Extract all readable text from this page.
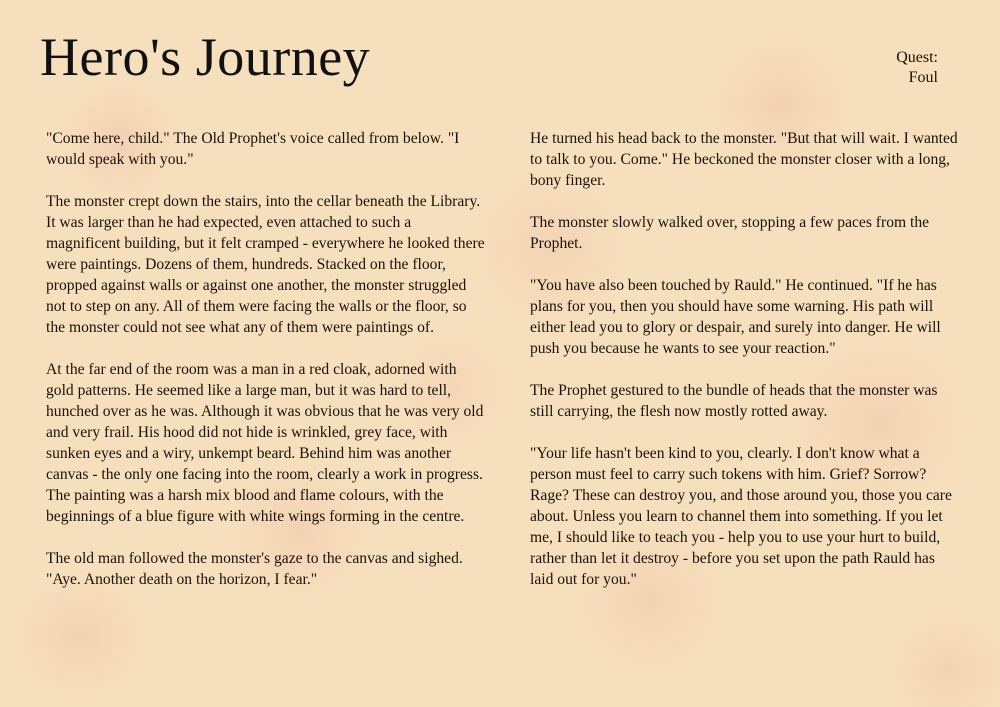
Hero's Journey	Quest:
Foul

"Come here, child." The Old Prophet's voice called from below. "I would speak with you."

The monster crept down the stairs, into the cellar beneath the Library. It was larger than he had expected, even attached to such a magnificent building, but it felt cramped - everywhere he looked there were paintings. Dozens of them, hundreds. Stacked on the floor, propped against walls or against one another, the monster struggled not to step on any. All of them were facing the walls or the floor, so the monster could not see what any of them were paintings of.

At the far end of the room was a man in a red cloak, adorned with gold patterns. He seemed like a large man, but it was hard to tell, hunched over as he was. Although it was obvious that he was very old and very frail. His hood did not hide is wrinkled, grey face, with sunken eyes and a wiry, unkempt beard. Behind him was another canvas - the only one facing into the room, clearly a work in progress. The painting was a harsh mix blood and flame colours, with the beginnings of a blue figure with white wings forming in the centre.

The old man followed the monster's gaze to the canvas and sighed. "Aye. Another death on the horizon, I fear."

He turned his head back to the monster. "But that will wait. I wanted to talk to you. Come." He beckoned the monster closer with a long, bony finger.

The monster slowly walked over, stopping a few paces from the Prophet.

"You have also been touched by Rauld." He continued. "If he has plans for you, then you should have some warning. His path will either lead you to glory or despair, and surely into danger. He will push you because he wants to see your reaction."

The Prophet gestured to the bundle of heads that the monster was still carrying, the flesh now mostly rotted away.

"Your life hasn't been kind to you, clearly. I don't know what a person must feel to carry such tokens with him. Grief? Sorrow? Rage? These can destroy you, and those around you, those you care about. Unless you learn to channel them into something. If you let me, I should like to teach you - help you to use your hurt to build, rather than let it destroy - before you set upon the path Rauld has laid out for you."
